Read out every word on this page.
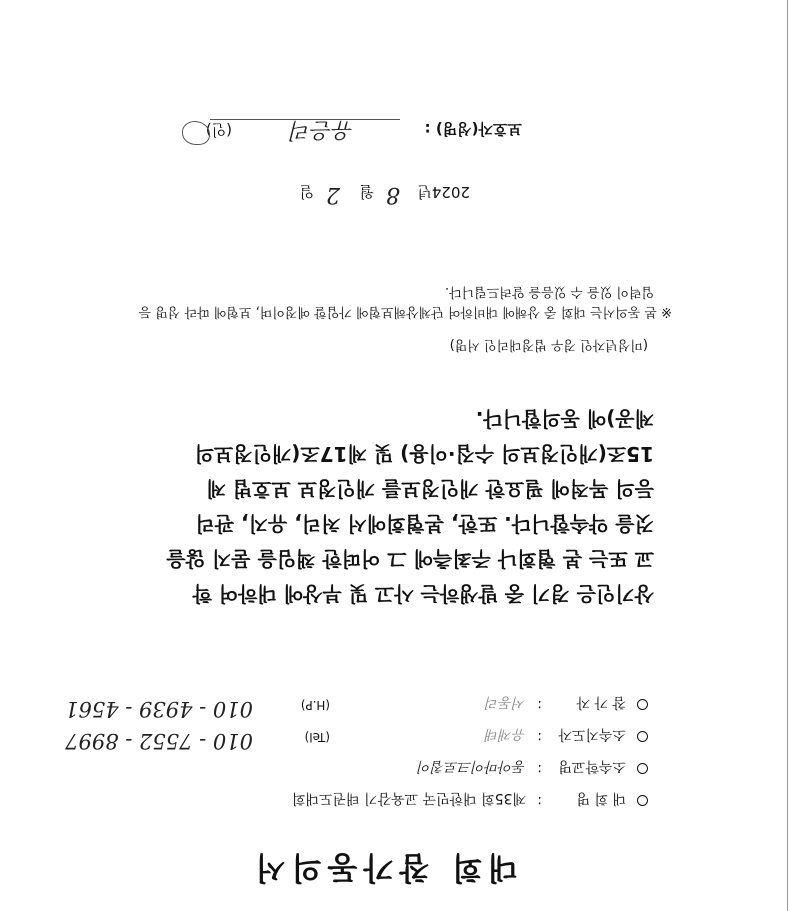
대회 참가동의서
대 회 명
:
제35회 대한민국 교육감기 태권도대회
소속학교명
:
동아마이크로칩이
소속지도자
:
유재태
(Tel)
010 - 7552 - 8997
참 가 자
:
서동리
(H.P)
010 - 4939 - 4561
상기인은 경기 중 발생하는 사고 및 부상에 대하여 학
교 또는 본 협회나 주최측에 그 어떠한 책임을 묻지 않을
것을 약속합니다. 또한, 본협회에서 처리, 유지, 관리
등의 목적에 필요한 개인정보를 개인정보 보호법 제
15조(개인정보의 수집·이용) 및 제17조(개인정보의
제공)에 동의합니다.
(미성년자인 경우 법정대리인 서명)
※ 본 동의서는 대회 중 상해에 대비하여 단체상해보험에 가입할 예정이며, 보험에 따라 성명 등
입력이 있을 수 있음을 알려드립니다.
2024년
8
월
2
일
보호자(성명) :
유은리
(인)
